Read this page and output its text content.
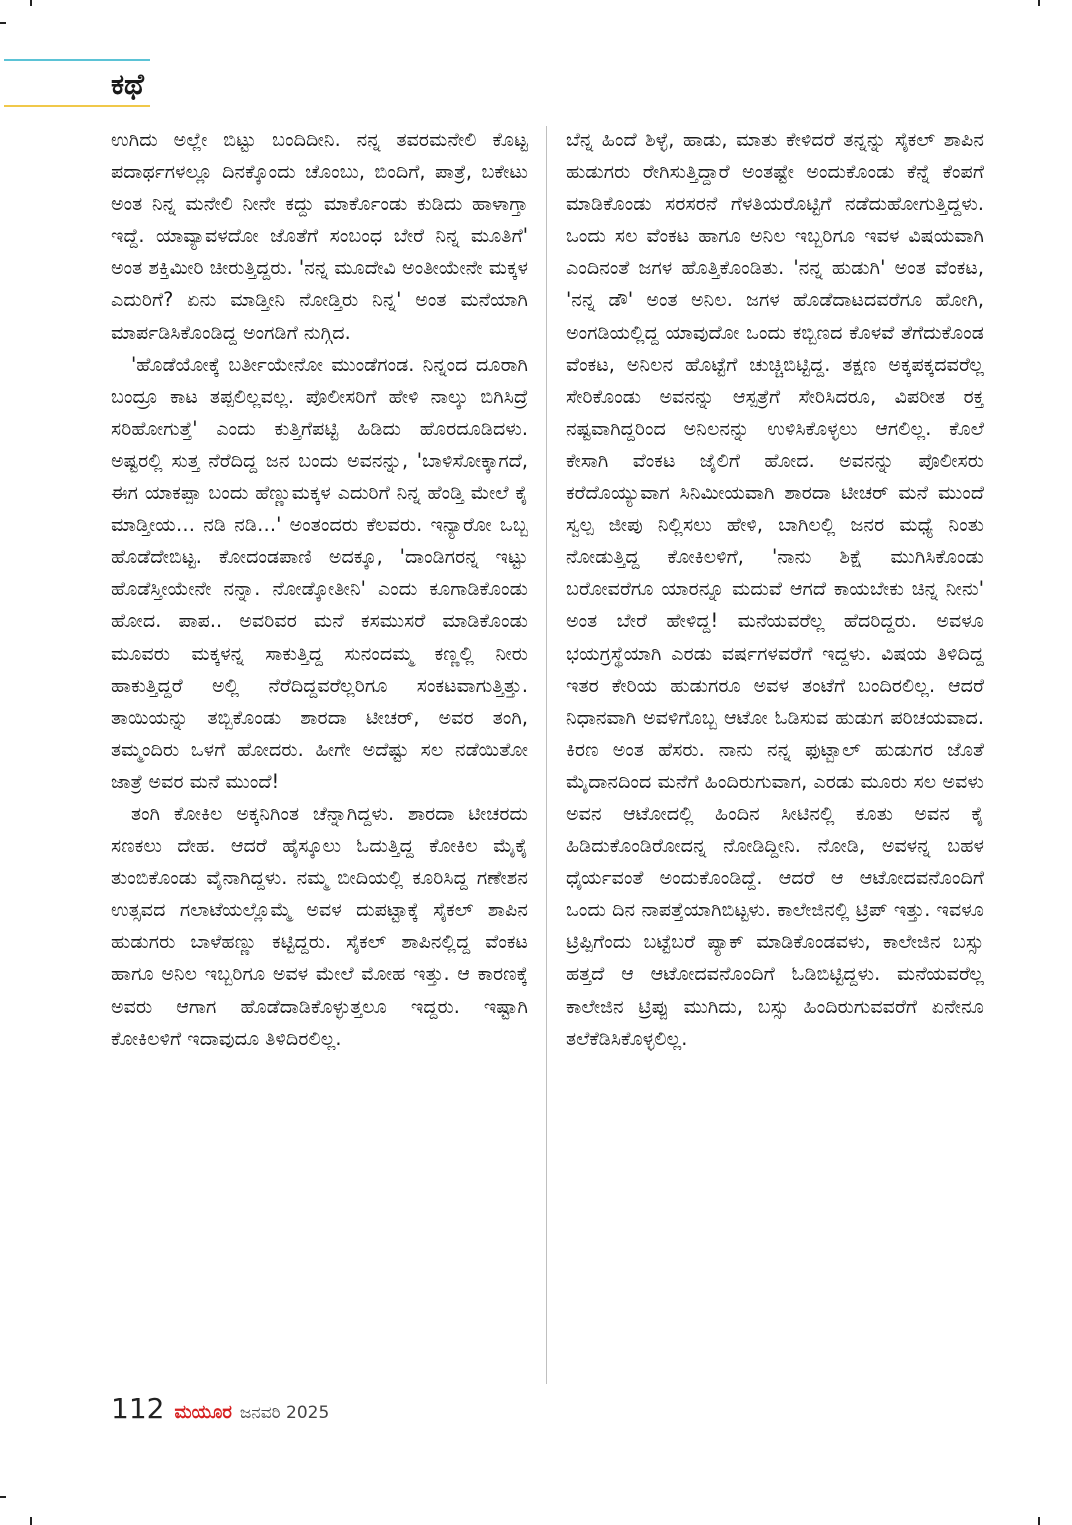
ಕಥೆ

ಉಗಿದು ಅಲ್ಲೇ ಬಿಟ್ಟು ಬಂದಿದೀನಿ. ನನ್ನ ತವರಮನೇಲಿ ಕೊಟ್ಟ ಪದಾರ್ಥಗಳಲ್ಲೂ ದಿನಕ್ಕೊಂದು ಚೊಂಬು, ಬಿಂದಿಗೆ, ಪಾತ್ರೆ, ಬಕೇಟು ಅಂತ ನಿನ್ನ ಮನೇಲಿ ನೀನೇ ಕದ್ದು ಮಾರ್ಕೊಂಡು ಕುಡಿದು ಹಾಳಾಗ್ತಾ ಇದ್ದೆ. ಯಾವ್ಯಾವಳದೋ ಜೊತೆಗೆ ಸಂಬಂಧ ಬೇರೆ ನಿನ್ನ ಮೂತಿಗೆ' ಅಂತ ಶಕ್ತಿಮೀರಿ ಚೀರುತ್ತಿದ್ದರು. 'ನನ್ನ ಮೂದೇವಿ ಅಂತೀಯೇನೇ ಮಕ್ಕಳ ಎದುರಿಗೆ? ಏನು ಮಾಡ್ತೀನಿ ನೋಡ್ತಿರು ನಿನ್ನ' ಅಂತ ಮನೆಯಾಗಿ ಮಾರ್ಪಡಿಸಿಕೊಂಡಿದ್ದ ಅಂಗಡಿಗೆ ನುಗ್ಗಿದ.

'ಹೊಡೆಯೋಕ್ಕೆ ಬರ್ತೀಯೇನೋ ಮುಂಡೆಗಂಡ. ನಿನ್ನಂದ ದೂರಾಗಿ ಬಂದ್ರೂ ಕಾಟ ತಪ್ಪಲಿಲ್ಲವಲ್ಲ. ಪೊಲೀಸರಿಗೆ ಹೇಳಿ ನಾಲ್ಕು ಬಿಗಿಸಿದ್ರೆ ಸರಿಹೋಗುತ್ತೆ' ಎಂದು ಕುತ್ತಿಗೆಪಟ್ಟಿ ಹಿಡಿದು ಹೊರದೂಡಿದಳು. ಅಷ್ಟರಲ್ಲಿ ಸುತ್ತ ನೆರೆದಿದ್ದ ಜನ ಬಂದು ಅವನನ್ನು, 'ಬಾಳಿಸೋಕ್ಕಾಗದೆ, ಈಗ ಯಾಕಪ್ಪಾ ಬಂದು ಹೆಣ್ಣುಮಕ್ಕಳ ಎದುರಿಗೆ ನಿನ್ನ ಹೆಂಡ್ತಿ ಮೇಲೆ ಕೈ ಮಾಡ್ತೀಯ… ನಡಿ ನಡಿ…' ಅಂತಂದರು ಕೆಲವರು. ಇನ್ಯಾರೋ ಒಬ್ಬ ಹೊಡೆದೇಬಿಟ್ಟ. ಕೋದಂಡಪಾಣಿ ಅದಕ್ಕೂ, 'ದಾಂಡಿಗರನ್ನ ಇಟ್ಟು ಹೊಡೆಸ್ತೀಯೇನೇ ನನ್ನಾ. ನೋಡ್ಕೋತೀನಿ' ಎಂದು ಕೂಗಾಡಿಕೊಂಡು ಹೋದ. ಪಾಪ.. ಅವರಿವರ ಮನೆ ಕಸಮುಸರೆ ಮಾಡಿಕೊಂಡು ಮೂವರು ಮಕ್ಕಳನ್ನ ಸಾಕುತ್ತಿದ್ದ ಸುನಂದಮ್ಮ ಕಣ್ಣಲ್ಲಿ ನೀರು ಹಾಕುತ್ತಿದ್ದರೆ ಅಲ್ಲಿ ನೆರೆದಿದ್ದವರೆಲ್ಲರಿಗೂ ಸಂಕಟವಾಗುತ್ತಿತ್ತು. ತಾಯಿಯನ್ನು ತಬ್ಬಿಕೊಂಡು ಶಾರದಾ ಟೀಚರ್, ಅವರ ತಂಗಿ, ತಮ್ಮಂದಿರು ಒಳಗೆ ಹೋದರು. ಹೀಗೇ ಅದೆಷ್ಟು ಸಲ ನಡೆಯಿತೋ ಜಾತ್ರೆ ಅವರ ಮನೆ ಮುಂದೆ!

ತಂಗಿ ಕೋಕಿಲ ಅಕ್ಕನಿಗಿಂತ ಚೆನ್ನಾಗಿದ್ದಳು. ಶಾರದಾ ಟೀಚರದು ಸಣಕಲು ದೇಹ. ಆದರೆ ಹೈಸ್ಕೂಲು ಓದುತ್ತಿದ್ದ ಕೋಕಿಲ ಮೈಕೈ ತುಂಬಿಕೊಂಡು ವೈನಾಗಿದ್ದಳು. ನಮ್ಮ ಬೀದಿಯಲ್ಲಿ ಕೂರಿಸಿದ್ದ ಗಣೇಶನ ಉತ್ಸವದ ಗಲಾಟೆಯಲ್ಲೊಮ್ಮೆ ಅವಳ ದುಪಟ್ಟಾಕ್ಕೆ ಸೈಕಲ್ ಶಾಪಿನ ಹುಡುಗರು ಬಾಳೆಹಣ್ಣು ಕಟ್ಟಿದ್ದರು. ಸೈಕಲ್ ಶಾಪಿನಲ್ಲಿದ್ದ ವೆಂಕಟ ಹಾಗೂ ಅನಿಲ ಇಬ್ಬರಿಗೂ ಅವಳ ಮೇಲೆ ಮೋಹ ಇತ್ತು. ಆ ಕಾರಣಕ್ಕೆ ಅವರು ಆಗಾಗ ಹೊಡೆದಾಡಿಕೊಳ್ಳುತ್ತಲೂ ಇದ್ದರು. ಇಷ್ಟಾಗಿ ಕೋಕಿಲಳಿಗೆ ಇದಾವುದೂ ತಿಳಿದಿರಲಿಲ್ಲ.

ಬೆನ್ನ ಹಿಂದೆ ಶಿಳ್ಳೆ, ಹಾಡು, ಮಾತು ಕೇಳಿದರೆ ತನ್ನನ್ನು ಸೈಕಲ್ ಶಾಪಿನ ಹುಡುಗರು ರೇಗಿಸುತ್ತಿದ್ದಾರೆ ಅಂತಷ್ಟೇ ಅಂದುಕೊಂಡು ಕೆನ್ನೆ ಕೆಂಪಗೆ ಮಾಡಿಕೊಂಡು ಸರಸರನೆ ಗೆಳತಿಯರೊಟ್ಟಿಗೆ ನಡೆದುಹೋಗುತ್ತಿದ್ದಳು. ಒಂದು ಸಲ ವೆಂಕಟ ಹಾಗೂ ಅನಿಲ ಇಬ್ಬರಿಗೂ ಇವಳ ವಿಷಯವಾಗಿ ಎಂದಿನಂತೆ ಜಗಳ ಹೊತ್ತಿಕೊಂಡಿತು. 'ನನ್ನ ಹುಡುಗಿ' ಅಂತ ವೆಂಕಟ, 'ನನ್ನ ಡೌ' ಅಂತ ಅನಿಲ. ಜಗಳ ಹೊಡೆದಾಟದವರೆಗೂ ಹೋಗಿ, ಅಂಗಡಿಯಲ್ಲಿದ್ದ ಯಾವುದೋ ಒಂದು ಕಬ್ಬಿಣದ ಕೊಳವೆ ತೆಗೆದುಕೊಂಡ ವೆಂಕಟ, ಅನಿಲನ ಹೊಟ್ಟೆಗೆ ಚುಚ್ಚಿಬಿಟ್ಟಿದ್ದ. ತಕ್ಷಣ ಅಕ್ಕಪಕ್ಕದವರೆಲ್ಲ ಸೇರಿಕೊಂಡು ಅವನನ್ನು ಆಸ್ಪತ್ರೆಗೆ ಸೇರಿಸಿದರೂ, ವಿಪರೀತ ರಕ್ತ ನಷ್ಟವಾಗಿದ್ದರಿಂದ ಅನಿಲನನ್ನು ಉಳಿಸಿಕೊಳ್ಳಲು ಆಗಲಿಲ್ಲ. ಕೊಲೆ ಕೇಸಾಗಿ ವೆಂಕಟ ಜೈಲಿಗೆ ಹೋದ. ಅವನನ್ನು ಪೊಲೀಸರು ಕರೆದೊಯ್ಯುವಾಗ ಸಿನಿಮೀಯವಾಗಿ ಶಾರದಾ ಟೀಚರ್ ಮನೆ ಮುಂದೆ ಸ್ವಲ್ಪ ಜೀಪು ನಿಲ್ಲಿಸಲು ಹೇಳಿ, ಬಾಗಿಲಲ್ಲಿ ಜನರ ಮಧ್ಯೆ ನಿಂತು ನೋಡುತ್ತಿದ್ದ ಕೋಕಿಲಳಿಗೆ, 'ನಾನು ಶಿಕ್ಷೆ ಮುಗಿಸಿಕೊಂಡು ಬರೋವರೆಗೂ ಯಾರನ್ನೂ ಮದುವೆ ಆಗದೆ ಕಾಯಬೇಕು ಚಿನ್ನ ನೀನು' ಅಂತ ಬೇರೆ ಹೇಳಿದ್ದ! ಮನೆಯವರೆಲ್ಲ ಹೆದರಿದ್ದರು. ಅವಳೂ ಭಯಗ್ರಸ್ಥೆಯಾಗಿ ಎರಡು ವರ್ಷಗಳವರೆಗೆ ಇದ್ದಳು. ವಿಷಯ ತಿಳಿದಿದ್ದ ಇತರ ಕೇರಿಯ ಹುಡುಗರೂ ಅವಳ ತಂಟೆಗೆ ಬಂದಿರಲಿಲ್ಲ. ಆದರೆ ನಿಧಾನವಾಗಿ ಅವಳಿಗೊಬ್ಬ ಆಟೋ ಓಡಿಸುವ ಹುಡುಗ ಪರಿಚಯವಾದ. ಕಿರಣ ಅಂತ ಹೆಸರು. ನಾನು ನನ್ನ ಫುಟ್ಬಾಲ್ ಹುಡುಗರ ಜೊತೆ ಮೈದಾನದಿಂದ ಮನೆಗೆ ಹಿಂದಿರುಗುವಾಗ, ಎರಡು ಮೂರು ಸಲ ಅವಳು ಅವನ ಆಟೋದಲ್ಲಿ ಹಿಂದಿನ ಸೀಟಿನಲ್ಲಿ ಕೂತು ಅವನ ಕೈ ಹಿಡಿದುಕೊಂಡಿರೋದನ್ನ ನೋಡಿದ್ದೀನಿ. ನೋಡಿ, ಅವಳನ್ನ ಬಹಳ ಧೈರ್ಯವಂತೆ ಅಂದುಕೊಂಡಿದ್ದೆ. ಆದರೆ ಆ ಆಟೋದವನೊಂದಿಗೆ ಒಂದು ದಿನ ನಾಪತ್ತೆಯಾಗಿಬಿಟ್ಟಳು. ಕಾಲೇಜಿನಲ್ಲಿ ಟ್ರಿಪ್ ಇತ್ತು. ಇವಳೂ ಟ್ರಿಪ್ಪಿಗೆಂದು ಬಟ್ಟೆಬರೆ ಪ್ಯಾಕ್ ಮಾಡಿಕೊಂಡವಳು, ಕಾಲೇಜಿನ ಬಸ್ಸು ಹತ್ತದೆ ಆ ಆಟೋದವನೊಂದಿಗೆ ಓಡಿಬಿಟ್ಟಿದ್ದಳು. ಮನೆಯವರೆಲ್ಲ ಕಾಲೇಜಿನ ಟ್ರಿಪ್ಪು ಮುಗಿದು, ಬಸ್ಸು ಹಿಂದಿರುಗುವವರೆಗೆ ಏನೇನೂ ತಲೆಕೆಡಿಸಿಕೊಳ್ಳಲಿಲ್ಲ.

112 ಮಯೂರ ಜನವರಿ 2025
